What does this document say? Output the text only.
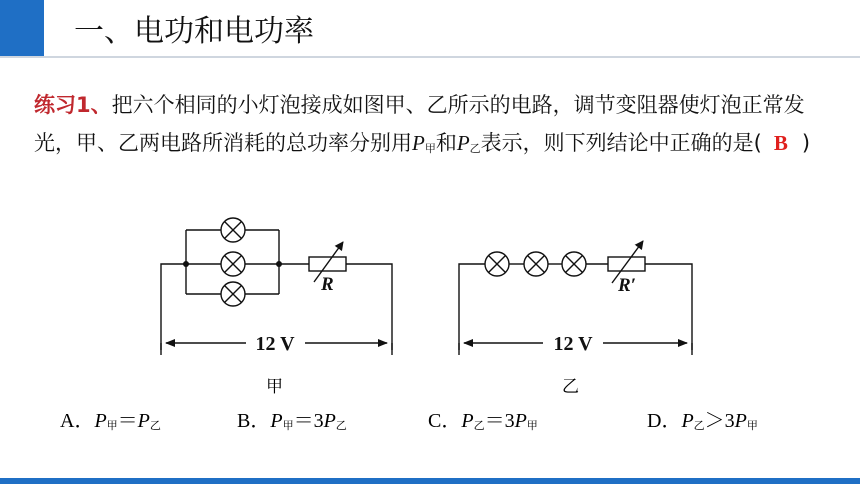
一、电功和电功率
练习1、把六个相同的小灯泡接成如图甲、乙所示的电路，调节变阻器使灯泡正常发光，甲、乙两电路所消耗的总功率分别用P甲和P乙表示，则下列结论中正确的是( B )
R
12 V
R′
12 V
甲	乙
A．P甲＝P乙	B．P甲＝3P乙	C．P乙＝3P甲	D．P乙＞3P甲
